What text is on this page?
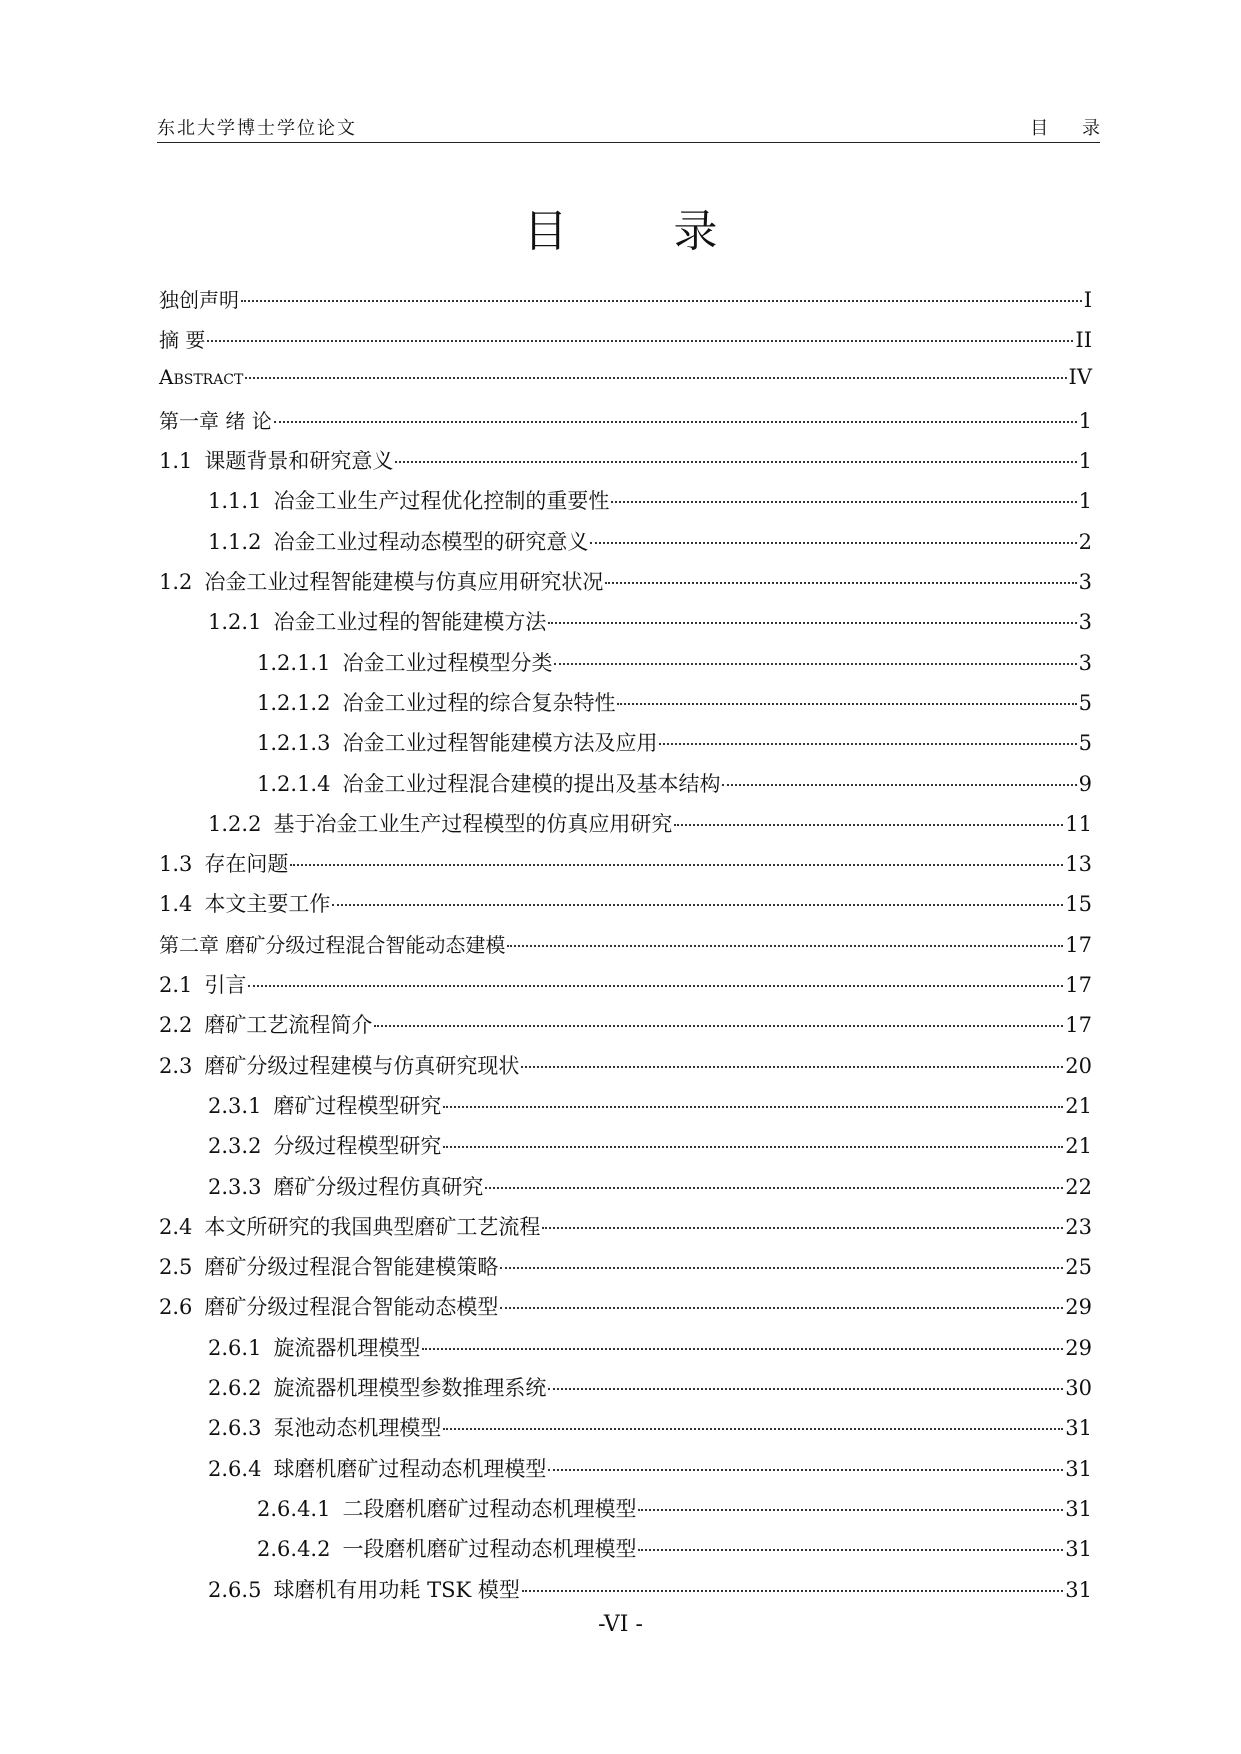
东北大学博士学位论文	目 录
目 录
独创声明	I
摘 要	II
Abstract	IV
第一章 绪 论	1
1.1 课题背景和研究意义	1
1.1.1 冶金工业生产过程优化控制的重要性	1
1.1.2 冶金工业过程动态模型的研究意义	2
1.2 冶金工业过程智能建模与仿真应用研究状况	3
1.2.1 冶金工业过程的智能建模方法	3
1.2.1.1 冶金工业过程模型分类	3
1.2.1.2 冶金工业过程的综合复杂特性	5
1.2.1.3 冶金工业过程智能建模方法及应用	5
1.2.1.4 冶金工业过程混合建模的提出及基本结构	9
1.2.2 基于冶金工业生产过程模型的仿真应用研究	11
1.3 存在问题	13
1.4 本文主要工作	15
第二章 磨矿分级过程混合智能动态建模	17
2.1 引言	17
2.2 磨矿工艺流程简介	17
2.3 磨矿分级过程建模与仿真研究现状	20
2.3.1 磨矿过程模型研究	21
2.3.2 分级过程模型研究	21
2.3.3 磨矿分级过程仿真研究	22
2.4 本文所研究的我国典型磨矿工艺流程	23
2.5 磨矿分级过程混合智能建模策略	25
2.6 磨矿分级过程混合智能动态模型	29
2.6.1 旋流器机理模型	29
2.6.2 旋流器机理模型参数推理系统	30
2.6.3 泵池动态机理模型	31
2.6.4 球磨机磨矿过程动态机理模型	31
2.6.4.1 二段磨机磨矿过程动态机理模型	31
2.6.4.2 一段磨机磨矿过程动态机理模型	31
2.6.5 球磨机有用功耗 TSK 模型	31
-VI -
